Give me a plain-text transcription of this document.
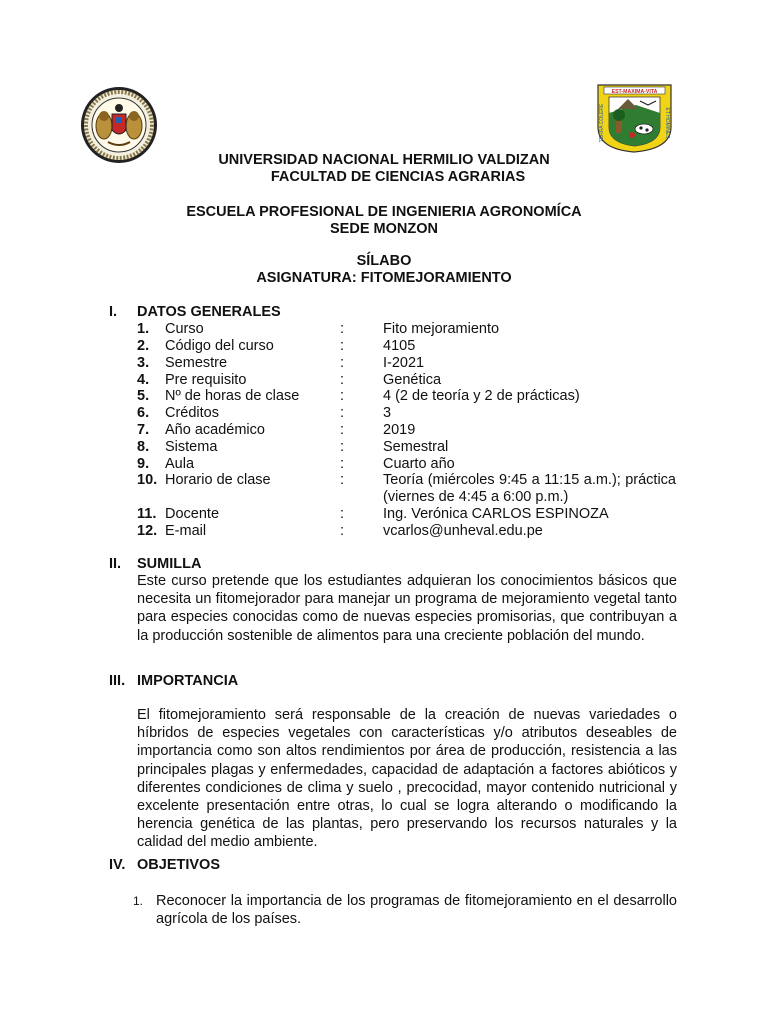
EST-MAXIMA-VITA
TERRA COLERE	ET HOMINES
UNIVERSIDAD NACIONAL HERMILIO VALDIZAN
FACULTAD DE CIENCIAS AGRARIAS
ESCUELA PROFESIONAL DE INGENIERIA AGRONOMÍCA
SEDE MONZON
SÍLABO
ASIGNATURA: FITOMEJORAMIENTO
I. DATOS GENERALES
1. Curso	:	Fito mejoramiento
2. Código del curso	:	4105
3. Semestre	:	I-2021
4. Pre requisito	:	Genética
5. Nº de horas de clase	:	4 (2 de teoría y 2 de prácticas)
6. Créditos	:	3
7. Año académico	:	2019
8. Sistema	:	Semestral
9. Aula	:	Cuarto año
10. Horario de clase	:	Teoría (miércoles 9:45 a 11:15 a.m.); práctica (viernes de 4:45 a 6:00 p.m.)
11. Docente	:	Ing. Verónica CARLOS ESPINOZA
12. E-mail	:	vcarlos@unheval.edu.pe
II. SUMILLA
Este curso pretende que los estudiantes adquieran los conocimientos básicos que necesita un fitomejorador para manejar un programa de mejoramiento vegetal tanto para especies conocidas como de nuevas especies promisorias, que contribuyan a la producción sostenible de alimentos para una creciente población del mundo.
III. IMPORTANCIA
El fitomejoramiento será responsable de la creación de nuevas variedades o híbridos de especies vegetales con características y/o atributos deseables de importancia como son altos rendimientos por área de producción, resistencia a las principales plagas y enfermedades, capacidad de adaptación a factores abióticos y diferentes condiciones de clima y suelo , precocidad, mayor contenido nutricional y excelente presentación entre otras, lo cual se logra alterando o modificando la herencia genética de las plantas, pero preservando los recursos naturales y la calidad del medio ambiente.
IV. OBJETIVOS
1. Reconocer la importancia de los programas de fitomejoramiento en el desarrollo agrícola de los países.
